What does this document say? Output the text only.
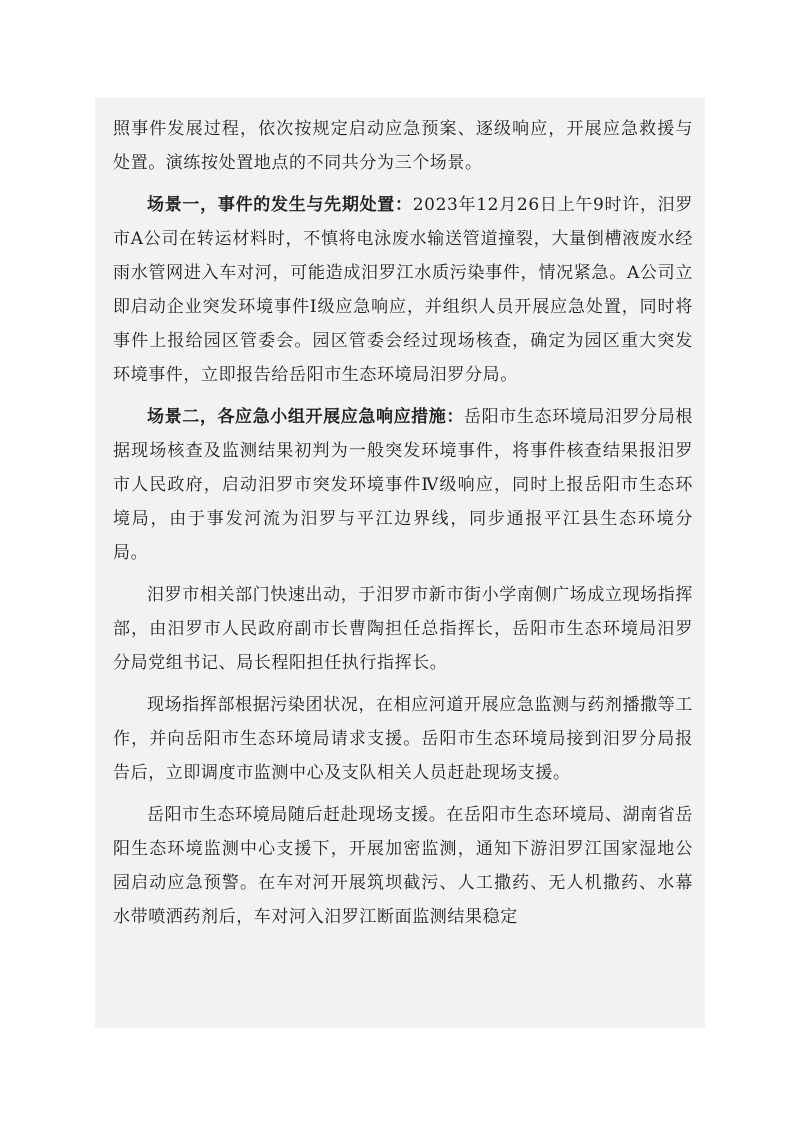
照事件发展过程，依次按规定启动应急预案、逐级响应，开展应急救援与处置。演练按处置地点的不同共分为三个场景。

场景一，事件的发生与先期处置：2023年12月26日上午9时许，汨罗市A公司在转运材料时，不慎将电泳废水输送管道撞裂，大量倒槽液废水经雨水管网进入车对河，可能造成汨罗江水质污染事件，情况紧急。A公司立即启动企业突发环境事件Ⅰ级应急响应，并组织人员开展应急处置，同时将事件上报给园区管委会。园区管委会经过现场核查，确定为园区重大突发环境事件，立即报告给岳阳市生态环境局汨罗分局。

场景二，各应急小组开展应急响应措施：岳阳市生态环境局汨罗分局根据现场核查及监测结果初判为一般突发环境事件，将事件核查结果报汨罗市人民政府，启动汨罗市突发环境事件Ⅳ级响应，同时上报岳阳市生态环境局，由于事发河流为汨罗与平江边界线，同步通报平江县生态环境分局。

汨罗市相关部门快速出动，于汨罗市新市街小学南侧广场成立现场指挥部，由汨罗市人民政府副市长曹陶担任总指挥长，岳阳市生态环境局汨罗分局党组书记、局长程阳担任执行指挥长。

现场指挥部根据污染团状况，在相应河道开展应急监测与药剂播撒等工作，并向岳阳市生态环境局请求支援。岳阳市生态环境局接到汨罗分局报告后，立即调度市监测中心及支队相关人员赶赴现场支援。

岳阳市生态环境局随后赶赴现场支援。在岳阳市生态环境局、湖南省岳阳生态环境监测中心支援下，开展加密监测，通知下游汨罗江国家湿地公园启动应急预警。在车对河开展筑坝截污、人工撒药、无人机撒药、水幕水带喷洒药剂后，车对河入汨罗江断面监测结果稳定
